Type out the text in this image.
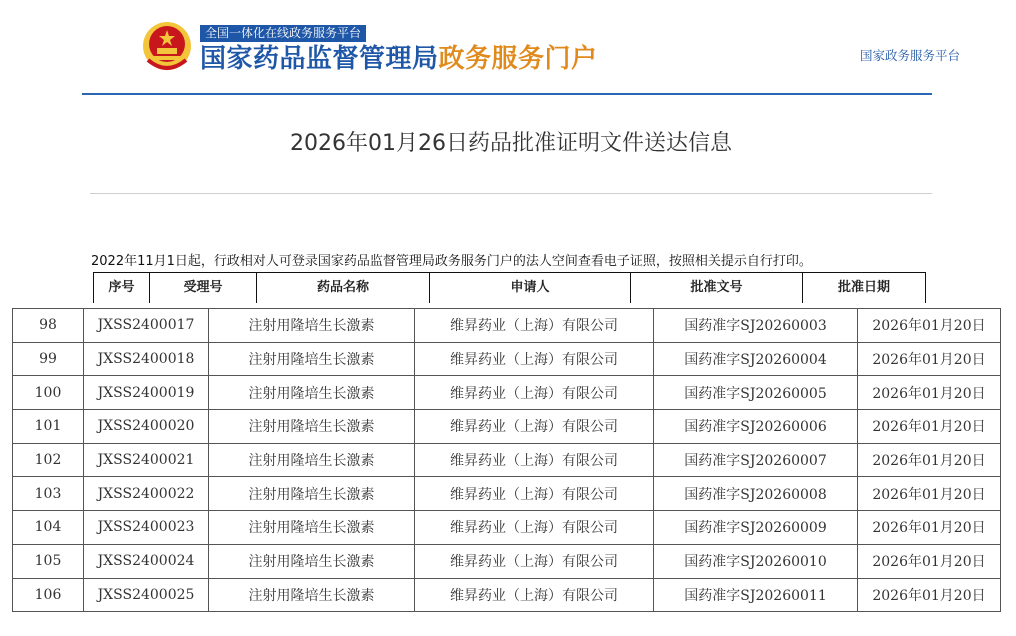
全国一体化在线政务服务平台
国家药品监督管理局政务服务门户	国家政务服务平台
2026年01月26日药品批准证明文件送达信息
2022年11月1日起，行政相对人可登录国家药品监督管理局政务服务门户的法人空间查看电子证照，按照相关提示自行打印。
序号	受理号	药品名称	申请人	批准文号	批准日期
98	JXSS2400017	注射用隆培生长激素	维昇药业（上海）有限公司	国药准字SJ20260003	2026年01月20日
99	JXSS2400018	注射用隆培生长激素	维昇药业（上海）有限公司	国药准字SJ20260004	2026年01月20日
100	JXSS2400019	注射用隆培生长激素	维昇药业（上海）有限公司	国药准字SJ20260005	2026年01月20日
101	JXSS2400020	注射用隆培生长激素	维昇药业（上海）有限公司	国药准字SJ20260006	2026年01月20日
102	JXSS2400021	注射用隆培生长激素	维昇药业（上海）有限公司	国药准字SJ20260007	2026年01月20日
103	JXSS2400022	注射用隆培生长激素	维昇药业（上海）有限公司	国药准字SJ20260008	2026年01月20日
104	JXSS2400023	注射用隆培生长激素	维昇药业（上海）有限公司	国药准字SJ20260009	2026年01月20日
105	JXSS2400024	注射用隆培生长激素	维昇药业（上海）有限公司	国药准字SJ20260010	2026年01月20日
106	JXSS2400025	注射用隆培生长激素	维昇药业（上海）有限公司	国药准字SJ20260011	2026年01月20日
